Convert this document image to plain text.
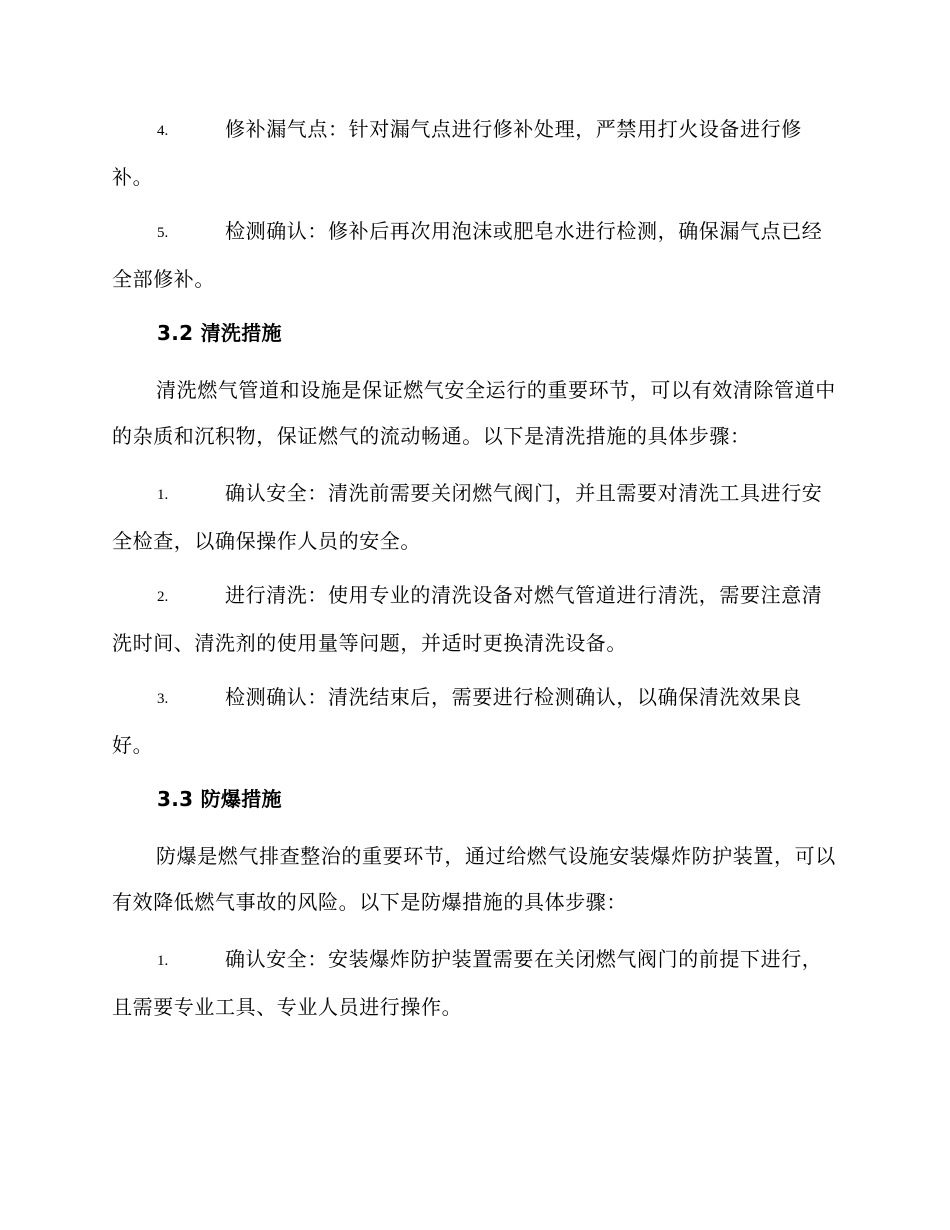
4.	修补漏气点：针对漏气点进行修补处理，严禁用打火设备进行修补。
5.	检测确认：修补后再次用泡沫或肥皂水进行检测，确保漏气点已经全部修补。
3.2 清洗措施
清洗燃气管道和设施是保证燃气安全运行的重要环节，可以有效清除管道中的杂质和沉积物，保证燃气的流动畅通。以下是清洗措施的具体步骤：
1.	确认安全：清洗前需要关闭燃气阀门，并且需要对清洗工具进行安全检查，以确保操作人员的安全。
2.	进行清洗：使用专业的清洗设备对燃气管道进行清洗，需要注意清洗时间、清洗剂的使用量等问题，并适时更换清洗设备。
3.	检测确认：清洗结束后，需要进行检测确认，以确保清洗效果良好。
3.3 防爆措施
防爆是燃气排查整治的重要环节，通过给燃气设施安装爆炸防护装置，可以有效降低燃气事故的风险。以下是防爆措施的具体步骤：
1.	确认安全：安装爆炸防护装置需要在关闭燃气阀门的前提下进行，且需要专业工具、专业人员进行操作。
